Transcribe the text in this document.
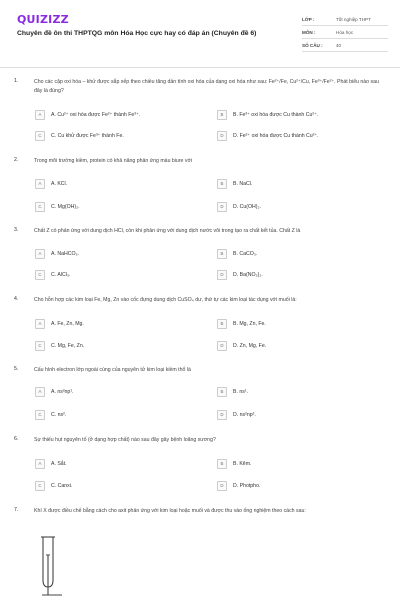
QUIZIZZ
Chuyên đề ôn thi THPTQG môn Hóa Học cực hay có đáp án (Chuyên đề 6)
LỚP :	Tốt nghiệp THPT
MÔN :	Hóa học
SỐ CÂU :	40
1.	Cho các cặp oxi hóa – khử được sắp xếp theo chiều tăng dần tính oxi hóa của dạng oxi hóa như sau: Fe²⁺/Fe, Cu²⁺/Cu, Fe³⁺/Fe²⁺. Phát biểu nào sau đây là đúng?
A	A. Cu²⁺ oxi hóa được Fe²⁺ thành Fe³⁺.	B	B. Fe³⁺ oxi hóa được Cu thành Cu²⁺.
C	C. Cu khử được Fe³⁺ thành Fe.	D	D. Fe²⁺ oxi hóa được Cu thành Cu²⁺.
2.	Trong môi trường kiềm, protein có khả năng phản ứng màu biure với
A	A. KCl.	B	B. NaCl.
C	C. Mg(OH)₂.	D	D. Cu(OH)₂.
3.	Chất Z có phản ứng với dung dịch HCl, còn khi phản ứng với dung dịch nước vôi trong tạo ra chất kết tủa. Chất Z là
A	A. NaHCO₃.	B	B. CaCO₃.
C	C. AlCl₃.	D	D. Ba(NO₃)₂.
4.	Cho hỗn hợp các kim loại Fe, Mg, Zn vào cốc đựng dung dịch CuSO₄ dư, thứ tự các kim loại tác dụng với muối là:
A	A. Fe, Zn, Mg.	B	B. Mg, Zn, Fe.
C	C. Mg, Fe, Zn.	D	D. Zn, Mg, Fe.
5.	Cấu hình electron lớp ngoài cùng của nguyên tử kim loại kiềm thổ là
A	A. ns²np¹.	B	B. ns¹.
C	C. ns².	D	D. ns²np².
6.	Sự thiếu hụt nguyên tố (ở dạng hợp chất) nào sau đây gây bệnh loãng xương?
A	A. Sắt.	B	B. Kẽm.
C	C. Canxi.	D	D. Photpho.
7.	Khí X được điều chế bằng cách cho axit phản ứng với kim loại hoặc muối và được thu vào ống nghiệm theo cách sau:
